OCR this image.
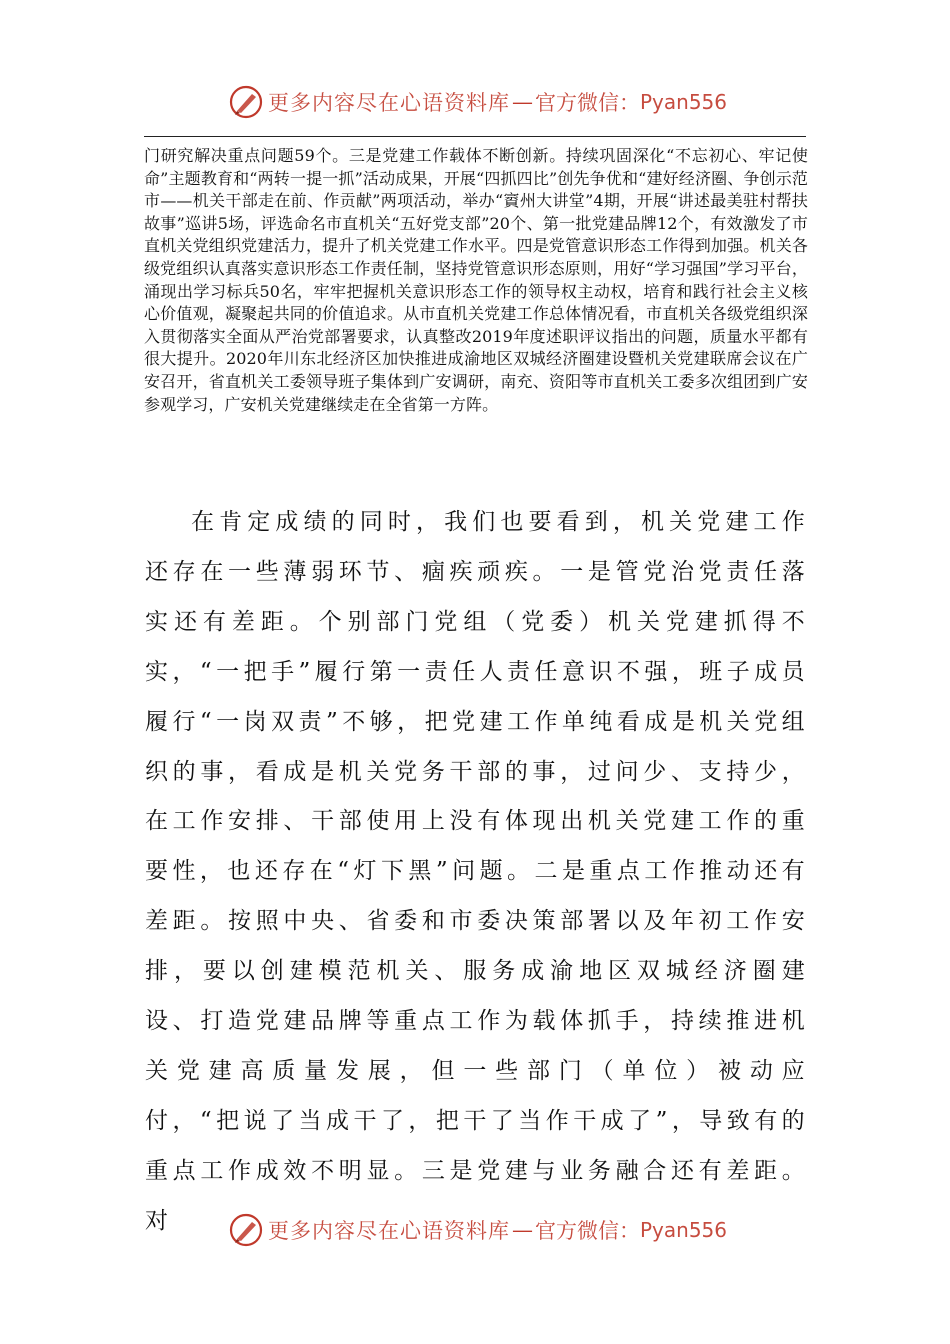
更多内容尽在心语资料库 — 官方微信： Pyan556
门研究解决重点问题59个。三是党建工作载体不断创新。持续巩固深化“不忘初心、牢记使命”主题教育和“两转一提一抓”活动成果，开展“四抓四比”创先争优和“建好经济圈、争创示范市——机关干部走在前、作贡献”两项活动，举办“賨州大讲堂”4期，开展“讲述最美驻村帮扶故事”巡讲5场，评选命名市直机关“五好党支部”20个、第一批党建品牌12个，有效激发了市直机关党组织党建活力，提升了机关党建工作水平。四是党管意识形态工作得到加强。机关各级党组织认真落实意识形态工作责任制，坚持党管意识形态原则，用好“学习强国”学习平台，涌现出学习标兵50名，牢牢把握机关意识形态工作的领导权主动权，培育和践行社会主义核心价值观，凝聚起共同的价值追求。从市直机关党建工作总体情况看，市直机关各级党组织深入贯彻落实全面从严治党部署要求，认真整改2019年度述职评议指出的问题，质量水平都有很大提升。2020年川东北经济区加快推进成渝地区双城经济圈建设暨机关党建联席会议在广安召开，省直机关工委领导班子集体到广安调研，南充、资阳等市直机关工委多次组团到广安参观学习，广安机关党建继续走在全省第一方阵。
在肯定成绩的同时，我们也要看到，机关党建工作还存在一些薄弱环节、痼疾顽疾。一是管党治党责任落实还有差距。个别部门党组（党委）机关党建抓得不实，“一把手”履行第一责任人责任意识不强，班子成员履行“一岗双责”不够，把党建工作单纯看成是机关党组织的事，看成是机关党务干部的事，过问少、支持少，在工作安排、干部使用上没有体现出机关党建工作的重要性，也还存在“灯下黑”问题。二是重点工作推动还有差距。按照中央、省委和市委决策部署以及年初工作安排，要以创建模范机关、服务成渝地区双城经济圈建设、打造党建品牌等重点工作为载体抓手，持续推进机关党建高质量发展，但一些部门（单位）被动应付，“把说了当成干了，把干了当作干成了”，导致有的重点工作成效不明显。三是党建与业务融合还有差距。对	更多内容尽在心语资料库 — 官方微信： Pyan556
